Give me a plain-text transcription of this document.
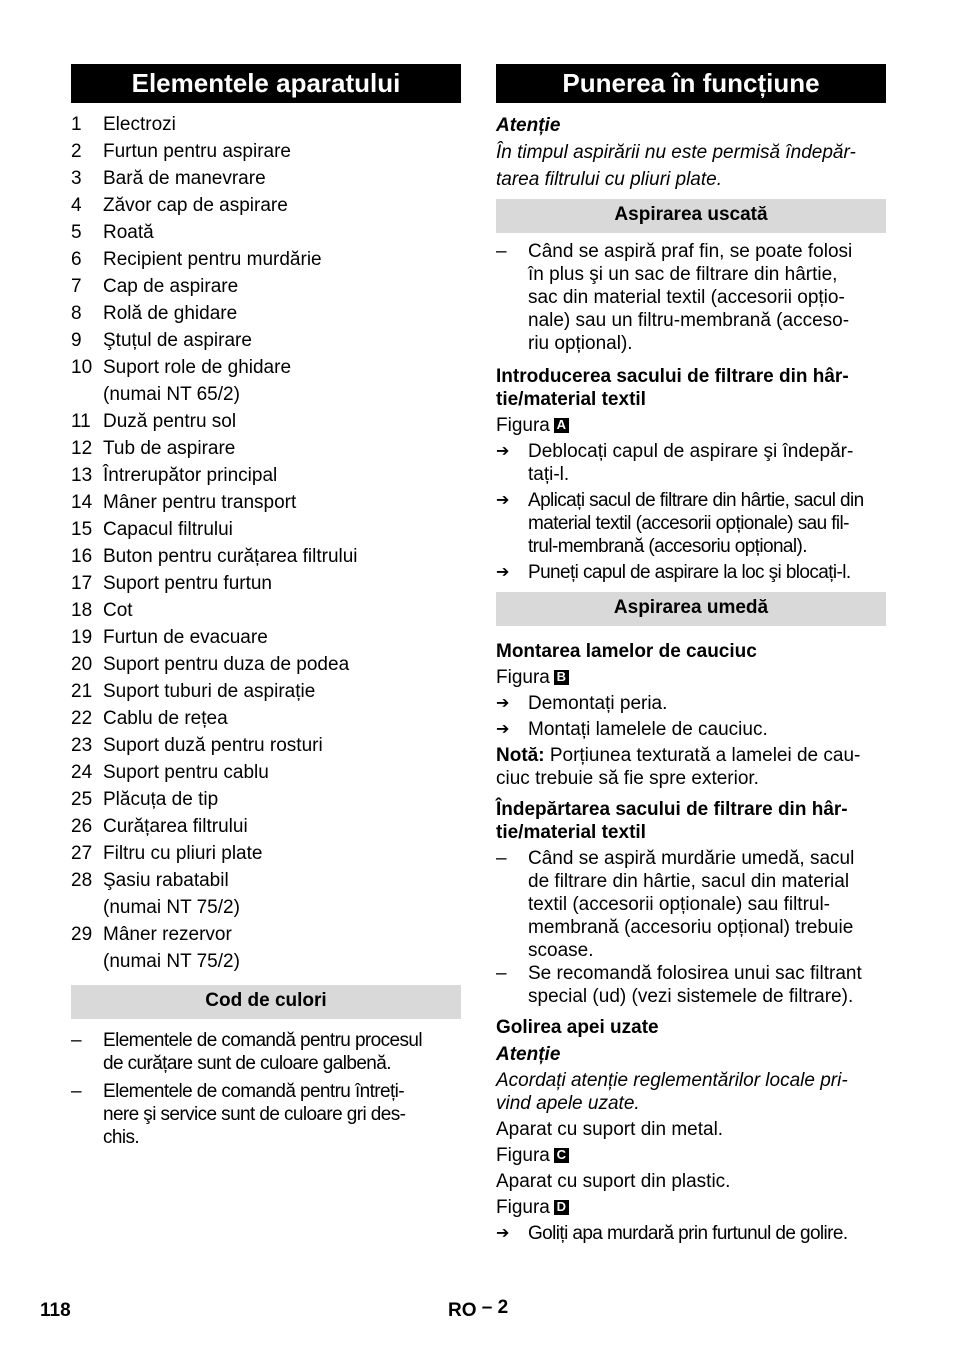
Elementele aparatului
1	Electrozi
2	Furtun pentru aspirare
3	Bară de manevrare
4	Zăvor cap de aspirare
5	Roată
6	Recipient pentru murdărie
7	Cap de aspirare
8	Rolă de ghidare
9	Ştuțul de aspirare
10 Suport role de ghidare
(numai NT 65/2)
11 Duză pentru sol
12 Tub de aspirare
13 Întrerupător principal
14 Mâner pentru transport
15 Capacul filtrului
16 Buton pentru curățarea filtrului
17 Suport pentru furtun
18 Cot
19 Furtun de evacuare
20 Suport pentru duza de podea
21 Suport tuburi de aspirație
22 Cablu de rețea
23 Suport duză pentru rosturi
24 Suport pentru cablu
25 Plăcuța de tip
26 Curățarea filtrului
27 Filtru cu pliuri plate
28 Şasiu rabatabil
(numai NT 75/2)
29 Mâner rezervor
(numai NT 75/2)
Cod de culori
–	Elementele de comandă pentru procesul
de curățare sunt de culoare galbenă.
–	Elementele de comandă pentru întreți-
nere şi service sunt de culoare gri des-
chis.
Punerea în funcțiune
Atenție
În timpul aspirării nu este permisă îndepăr-
tarea filtrului cu pliuri plate.
Aspirarea uscată
–	Când se aspiră praf fin, se poate folosi
în plus şi un sac de filtrare din hârtie,
sac din material textil (accesorii opțio-
nale) sau un filtru-membrană (acceso-
riu opțional).
Introducerea sacului de filtrare din hâr-
tie/material textil
Figura A
➔ Deblocați capul de aspirare şi îndepăr-
tați-l.
➔	Aplicați sacul de filtrare din hârtie, sacul din
material textil (accesorii opționale) sau fil-
trul-membrană (accesoriu opțional).
➔	Puneți capul de aspirare la loc şi blocați-l.
Aspirarea umedă
Montarea lamelor de cauciuc
Figura B
➔ Demontați peria.
➔ Montați lamelele de cauciuc.
Notă: Porțiunea texturată a lamelei de cau-
ciuc trebuie să fie spre exterior.
Îndepărtarea sacului de filtrare din hâr-
tie/material textil
–	Când se aspiră murdărie umedă, sacul
de filtrare din hârtie, sacul din material
textil (accesorii opționale) sau filtrul-
membrană (accesoriu opțional) trebuie
scoase.
–	Se recomandă folosirea unui sac filtrant
special (ud) (vezi sistemele de filtrare).
Golirea apei uzate
Atenție
Acordați atenție reglementărilor locale pri-
vind apele uzate.
Aparat cu suport din metal.
Figura C
Aparat cu suport din plastic.
Figura D
➔	Goliți apa murdară prin furtunul de golire.
118	RO – 2
